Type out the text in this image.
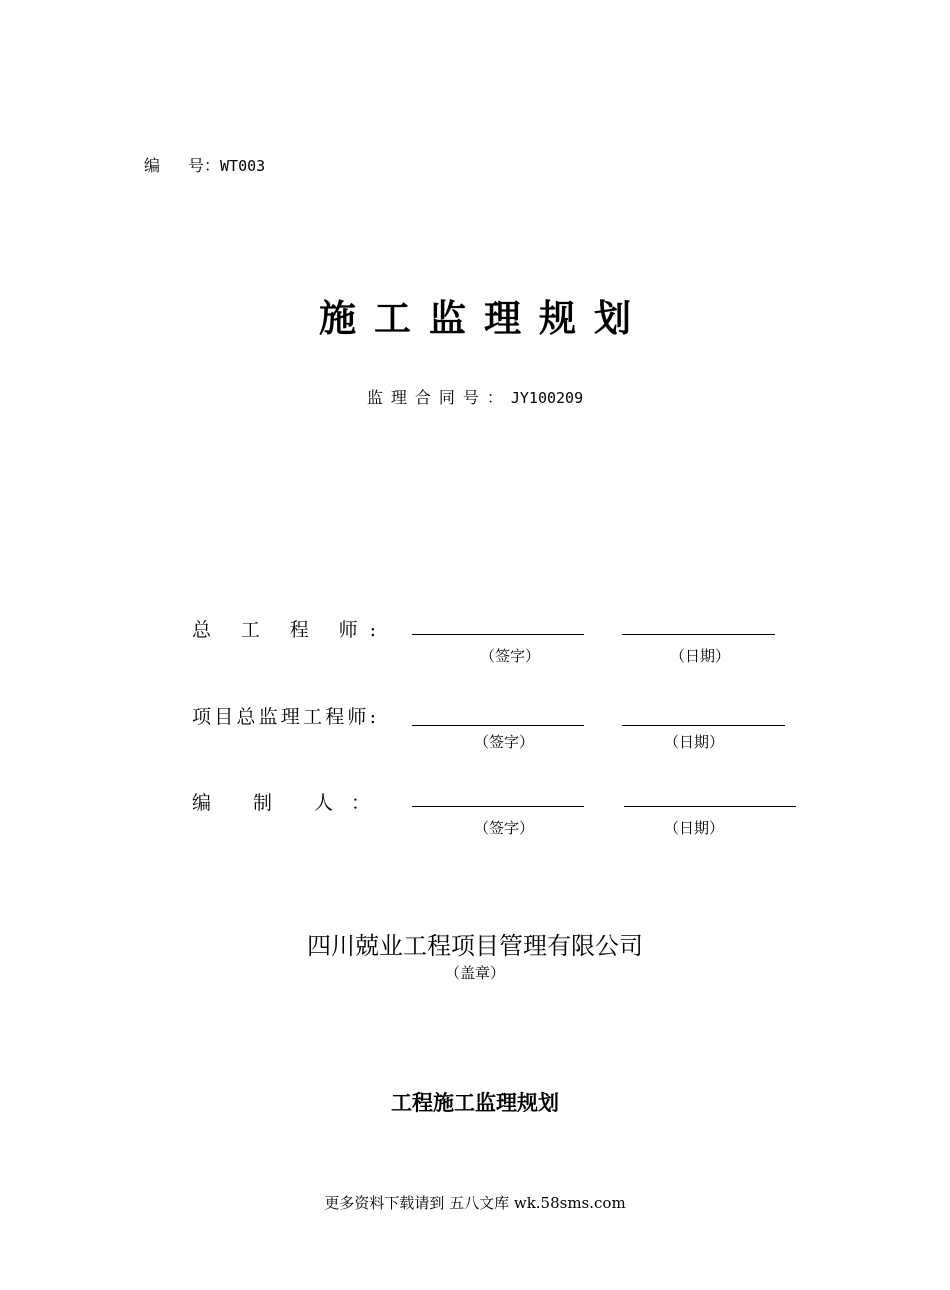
编 号：WT003
施工监理规划
监理合同号：JY100209
总 工 程 师:
（签字）	（日期）
项目总监理工程师:
（签字）	（日期）
编 制 人：
（签字）	（日期）
四川兢业工程项目管理有限公司
（盖章）
工程施工监理规划
更多资料下载请到 五八文库 wk.58sms.com
